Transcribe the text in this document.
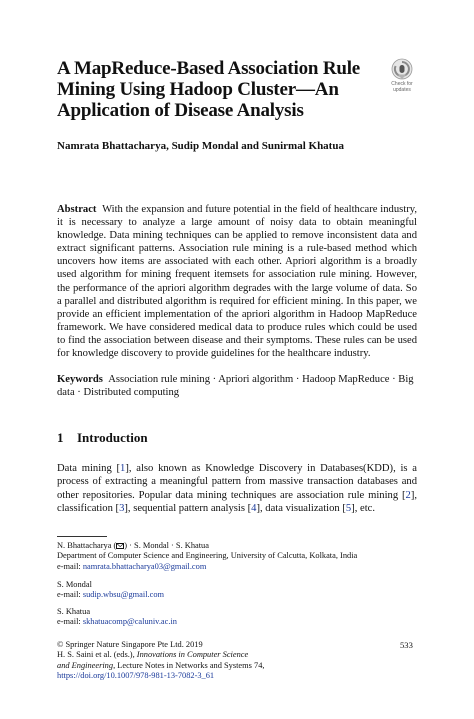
A MapReduce-Based Association Rule
Mining Using Hadoop Cluster—An
Application of Disease Analysis
Check for
updates
Namrata Bhattacharya, Sudip Mondal and Sunirmal Khatua
Abstract With the expansion and future potential in the field of healthcare industry, it is necessary to analyze a large amount of noisy data to obtain meaningful knowledge. Data mining techniques can be applied to remove inconsistent data and extract significant patterns. Association rule mining is a rule-based method which uncovers how items are associated with each other. Apriori algorithm is a broadly used algorithm for mining frequent itemsets for association rule mining. However, the performance of the apriori algorithm degrades with the large volume of data. So a parallel and distributed algorithm is required for efficient mining. In this paper, we provide an efficient implementation of the apriori algorithm in Hadoop MapReduce framework. We have considered medical data to produce rules which could be used to find the association between disease and their symptoms. These rules can be used for knowledge discovery to provide guidelines for the healthcare industry.
Keywords Association rule mining · Apriori algorithm · Hadoop MapReduce · Big data · Distributed computing
1 Introduction
Data mining [1], also known as Knowledge Discovery in Databases(KDD), is a process of extracting a meaningful pattern from massive transaction databases and other repositories. Popular data mining techniques are association rule mining [2], classification [3], sequential pattern analysis [4], data visualization [5], etc.
N. Bhattacharya ( ) · S. Mondal · S. Khatua
Department of Computer Science and Engineering, University of Calcutta, Kolkata, India
e-mail: namrata.bhattacharya03@gmail.com
S. Mondal
e-mail: sudip.wbsu@gmail.com
S. Khatua
e-mail: skhatuacomp@caluniv.ac.in
© Springer Nature Singapore Pte Ltd. 2019
H. S. Saini et al. (eds.), Innovations in Computer Science
and Engineering, Lecture Notes in Networks and Systems 74,
https://doi.org/10.1007/978-981-13-7082-3_61
533
